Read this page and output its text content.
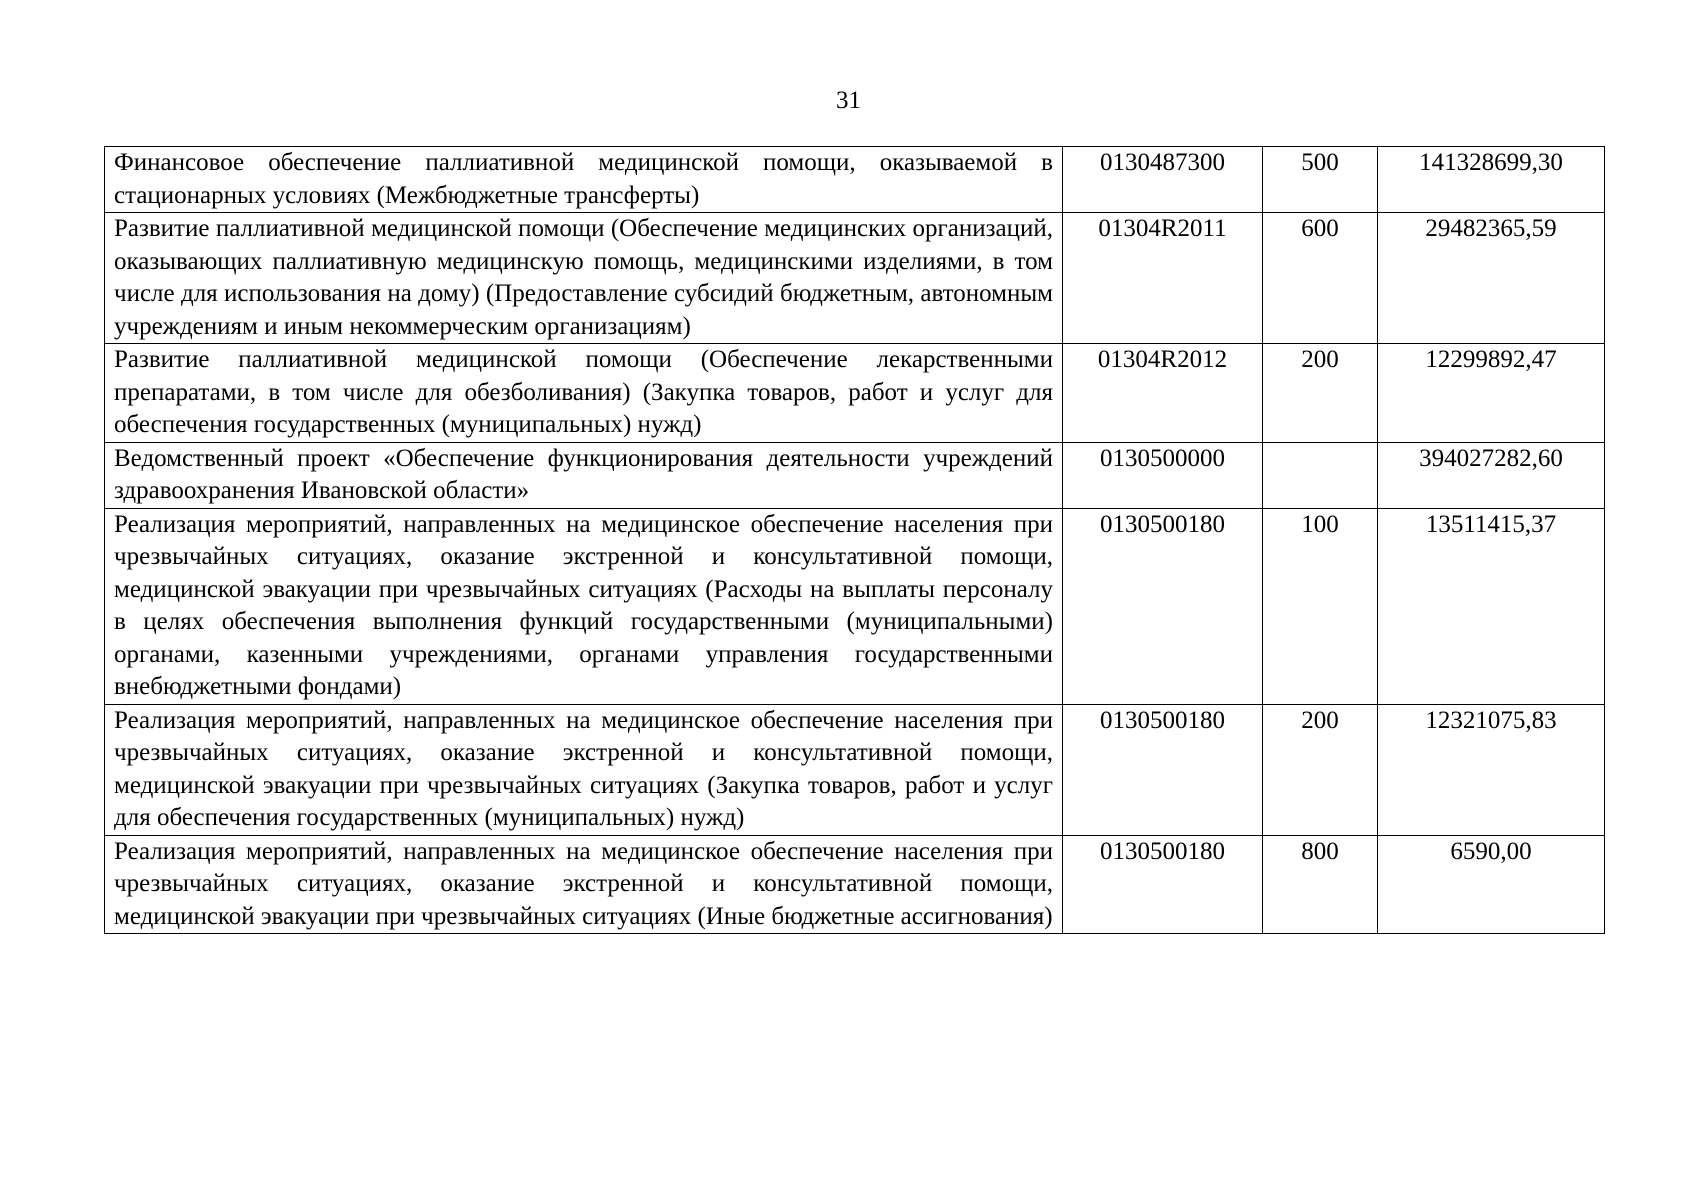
31
Финансовое обеспечение паллиативной медицинской помощи, оказываемой в стационарных условиях (Межбюджетные трансферты)	0130487300	500	141328699,30
Развитие паллиативной медицинской помощи (Обеспечение медицинских организаций, оказывающих паллиативную медицинскую помощь, медицинскими изделиями, в том числе для использования на дому) (Предоставление субсидий бюджетным, автономным учреждениям и иным некоммерческим организациям)	01304R2011	600	29482365,59
Развитие паллиативной медицинской помощи (Обеспечение лекарственными препаратами, в том числе для обезболивания) (Закупка товаров, работ и услуг для обеспечения государственных (муниципальных) нужд)	01304R2012	200	12299892,47
Ведомственный проект «Обеспечение функционирования деятельности учреждений здравоохранения Ивановской области»	0130500000		394027282,60
Реализация мероприятий, направленных на медицинское обеспечение населения при чрезвычайных ситуациях, оказание экстренной и консультативной помощи, медицинской эвакуации при чрезвычайных ситуациях (Расходы на выплаты персоналу в целях обеспечения выполнения функций государственными (муниципальными) органами, казенными учреждениями, органами управления государственными внебюджетными фондами)	0130500180	100	13511415,37
Реализация мероприятий, направленных на медицинское обеспечение населения при чрезвычайных ситуациях, оказание экстренной и консультативной помощи, медицинской эвакуации при чрезвычайных ситуациях (Закупка товаров, работ и услуг для обеспечения государственных (муниципальных) нужд)	0130500180	200	12321075,83
Реализация мероприятий, направленных на медицинское обеспечение населения при чрезвычайных ситуациях, оказание экстренной и консультативной помощи, медицинской эвакуации при чрезвычайных ситуациях (Иные бюджетные ассигнования)	0130500180	800	6590,00
